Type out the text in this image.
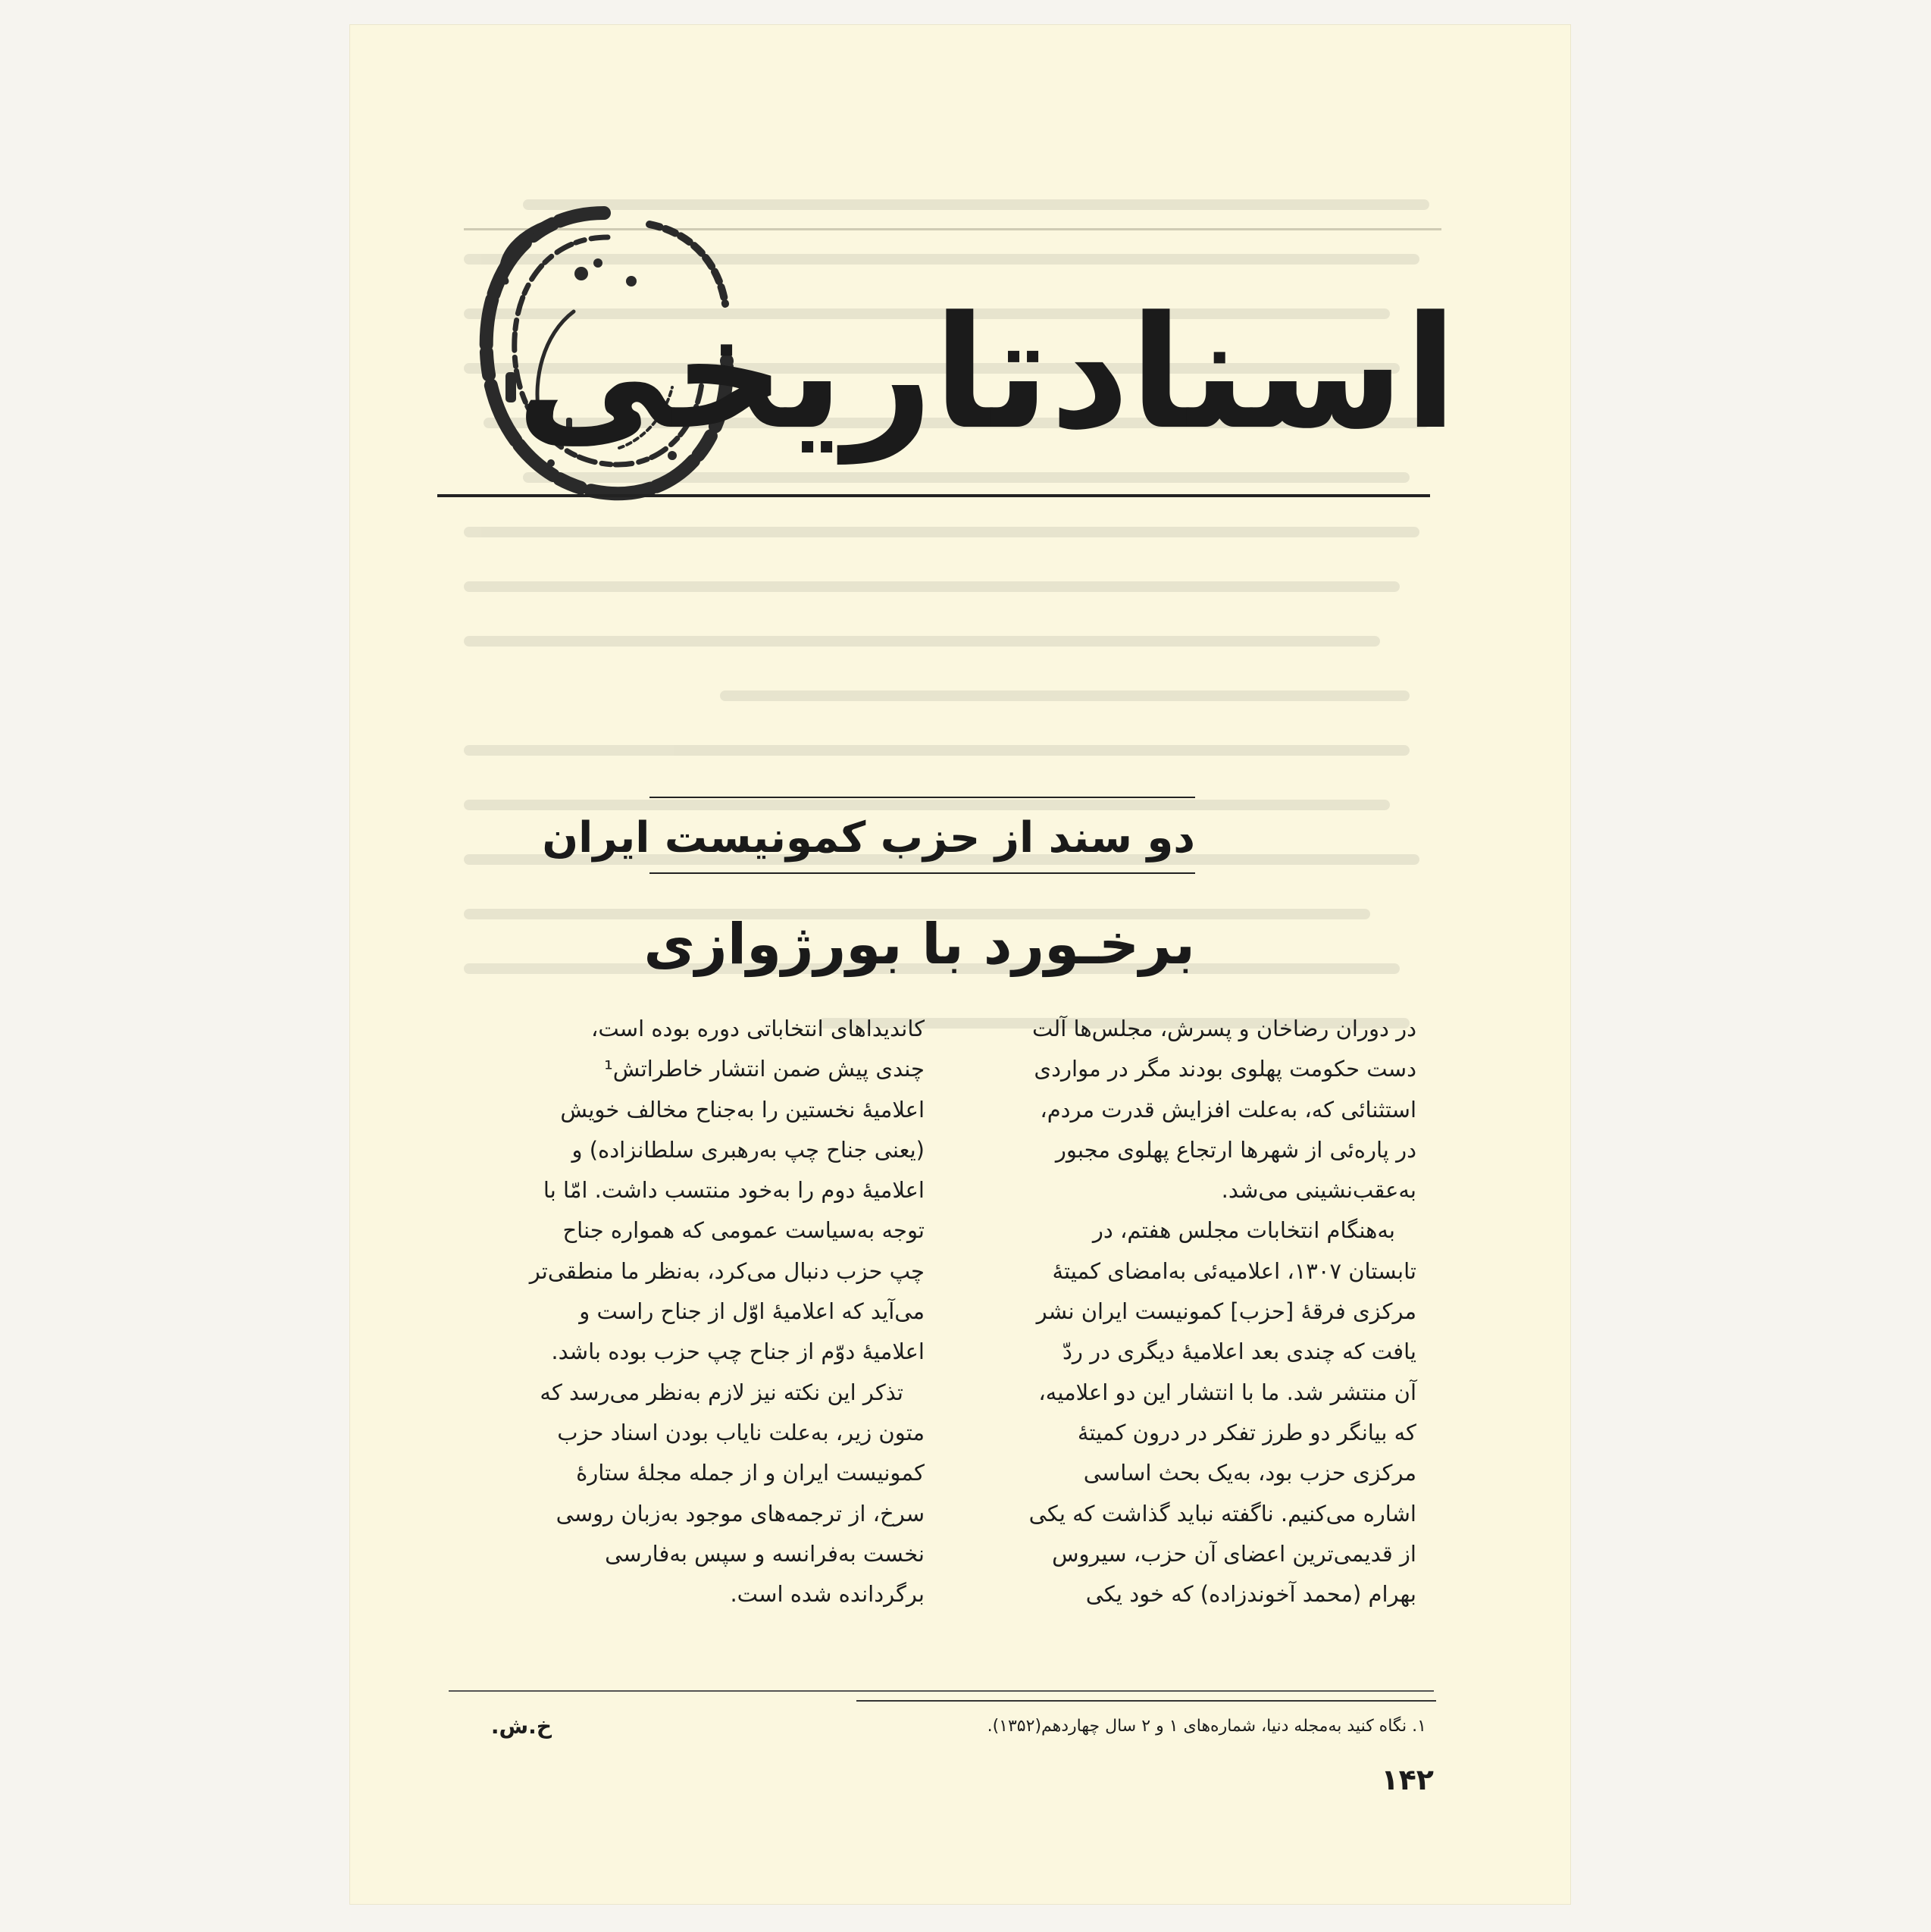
اسنادتاریخی
دو سند از حزب کمونیست ایران
برخـورد با بورژوازی

در دوران رضاخان و پسرش، مجلس‌ها آلت

دست حکومت پهلوی بودند مگر در مواردی

استثنائی که، به‌علت افزایش قدرت مردم،

در پاره‌ئی از شهرها ارتجاع پهلوی مجبور

به‌عقب‌نشینی می‌شد.

به‌هنگام انتخابات مجلس هفتم، در

تابستان ۱۳۰۷، اعلامیه‌ئی به‌امضای کمیتهٔ

مرکزی فرقهٔ [حزب] کمونیست ایران نشر

یافت که چندی بعد اعلامیهٔ دیگری در ردّ

آن منتشر شد. ما با انتشار این دو اعلامیه،

که بیانگر دو طرز تفکر در درون کمیتهٔ

مرکزی حزب بود، به‌یک بحث اساسی

اشاره می‌کنیم. ناگفته نباید گذاشت که یکی

از قدیمی‌ترین اعضای آن حزب، سیروس

بهرام (محمد آخوندزاده) که خود یکی

کاندیداهای انتخاباتی دوره بوده است،

چندی پیش ضمن انتشار خاطراتش¹

اعلامیهٔ نخستین را به‌جناح مخالف خویش

(یعنی جناح چپ به‌رهبری سلطانزاده) و

اعلامیهٔ دوم را به‌خود منتسب داشت. امّا با

توجه به‌سیاست عمومی که همواره جناح

چپ حزب دنبال می‌کرد، به‌نظر ما منطقی‌تر

می‌آید که اعلامیهٔ اوّل از جناح راست و

اعلامیهٔ دوّم از جناح چپ حزب بوده باشد.

تذکر این نکته نیز لازم به‌نظر می‌رسد که

متون زیر، به‌علت نایاب بودن اسناد حزب

کمونیست ایران و از جمله مجلهٔ ستارهٔ

سرخ، از ترجمه‌های موجود به‌زبان روسی

نخست به‌فرانسه و سپس به‌فارسی

برگردانده شده است.

۱. نگاه کنید به‌مجله دنیا، شماره‌های ۱ و ۲ سال چهاردهم(۱۳۵۲).
خ.ش.
۱۴۲
